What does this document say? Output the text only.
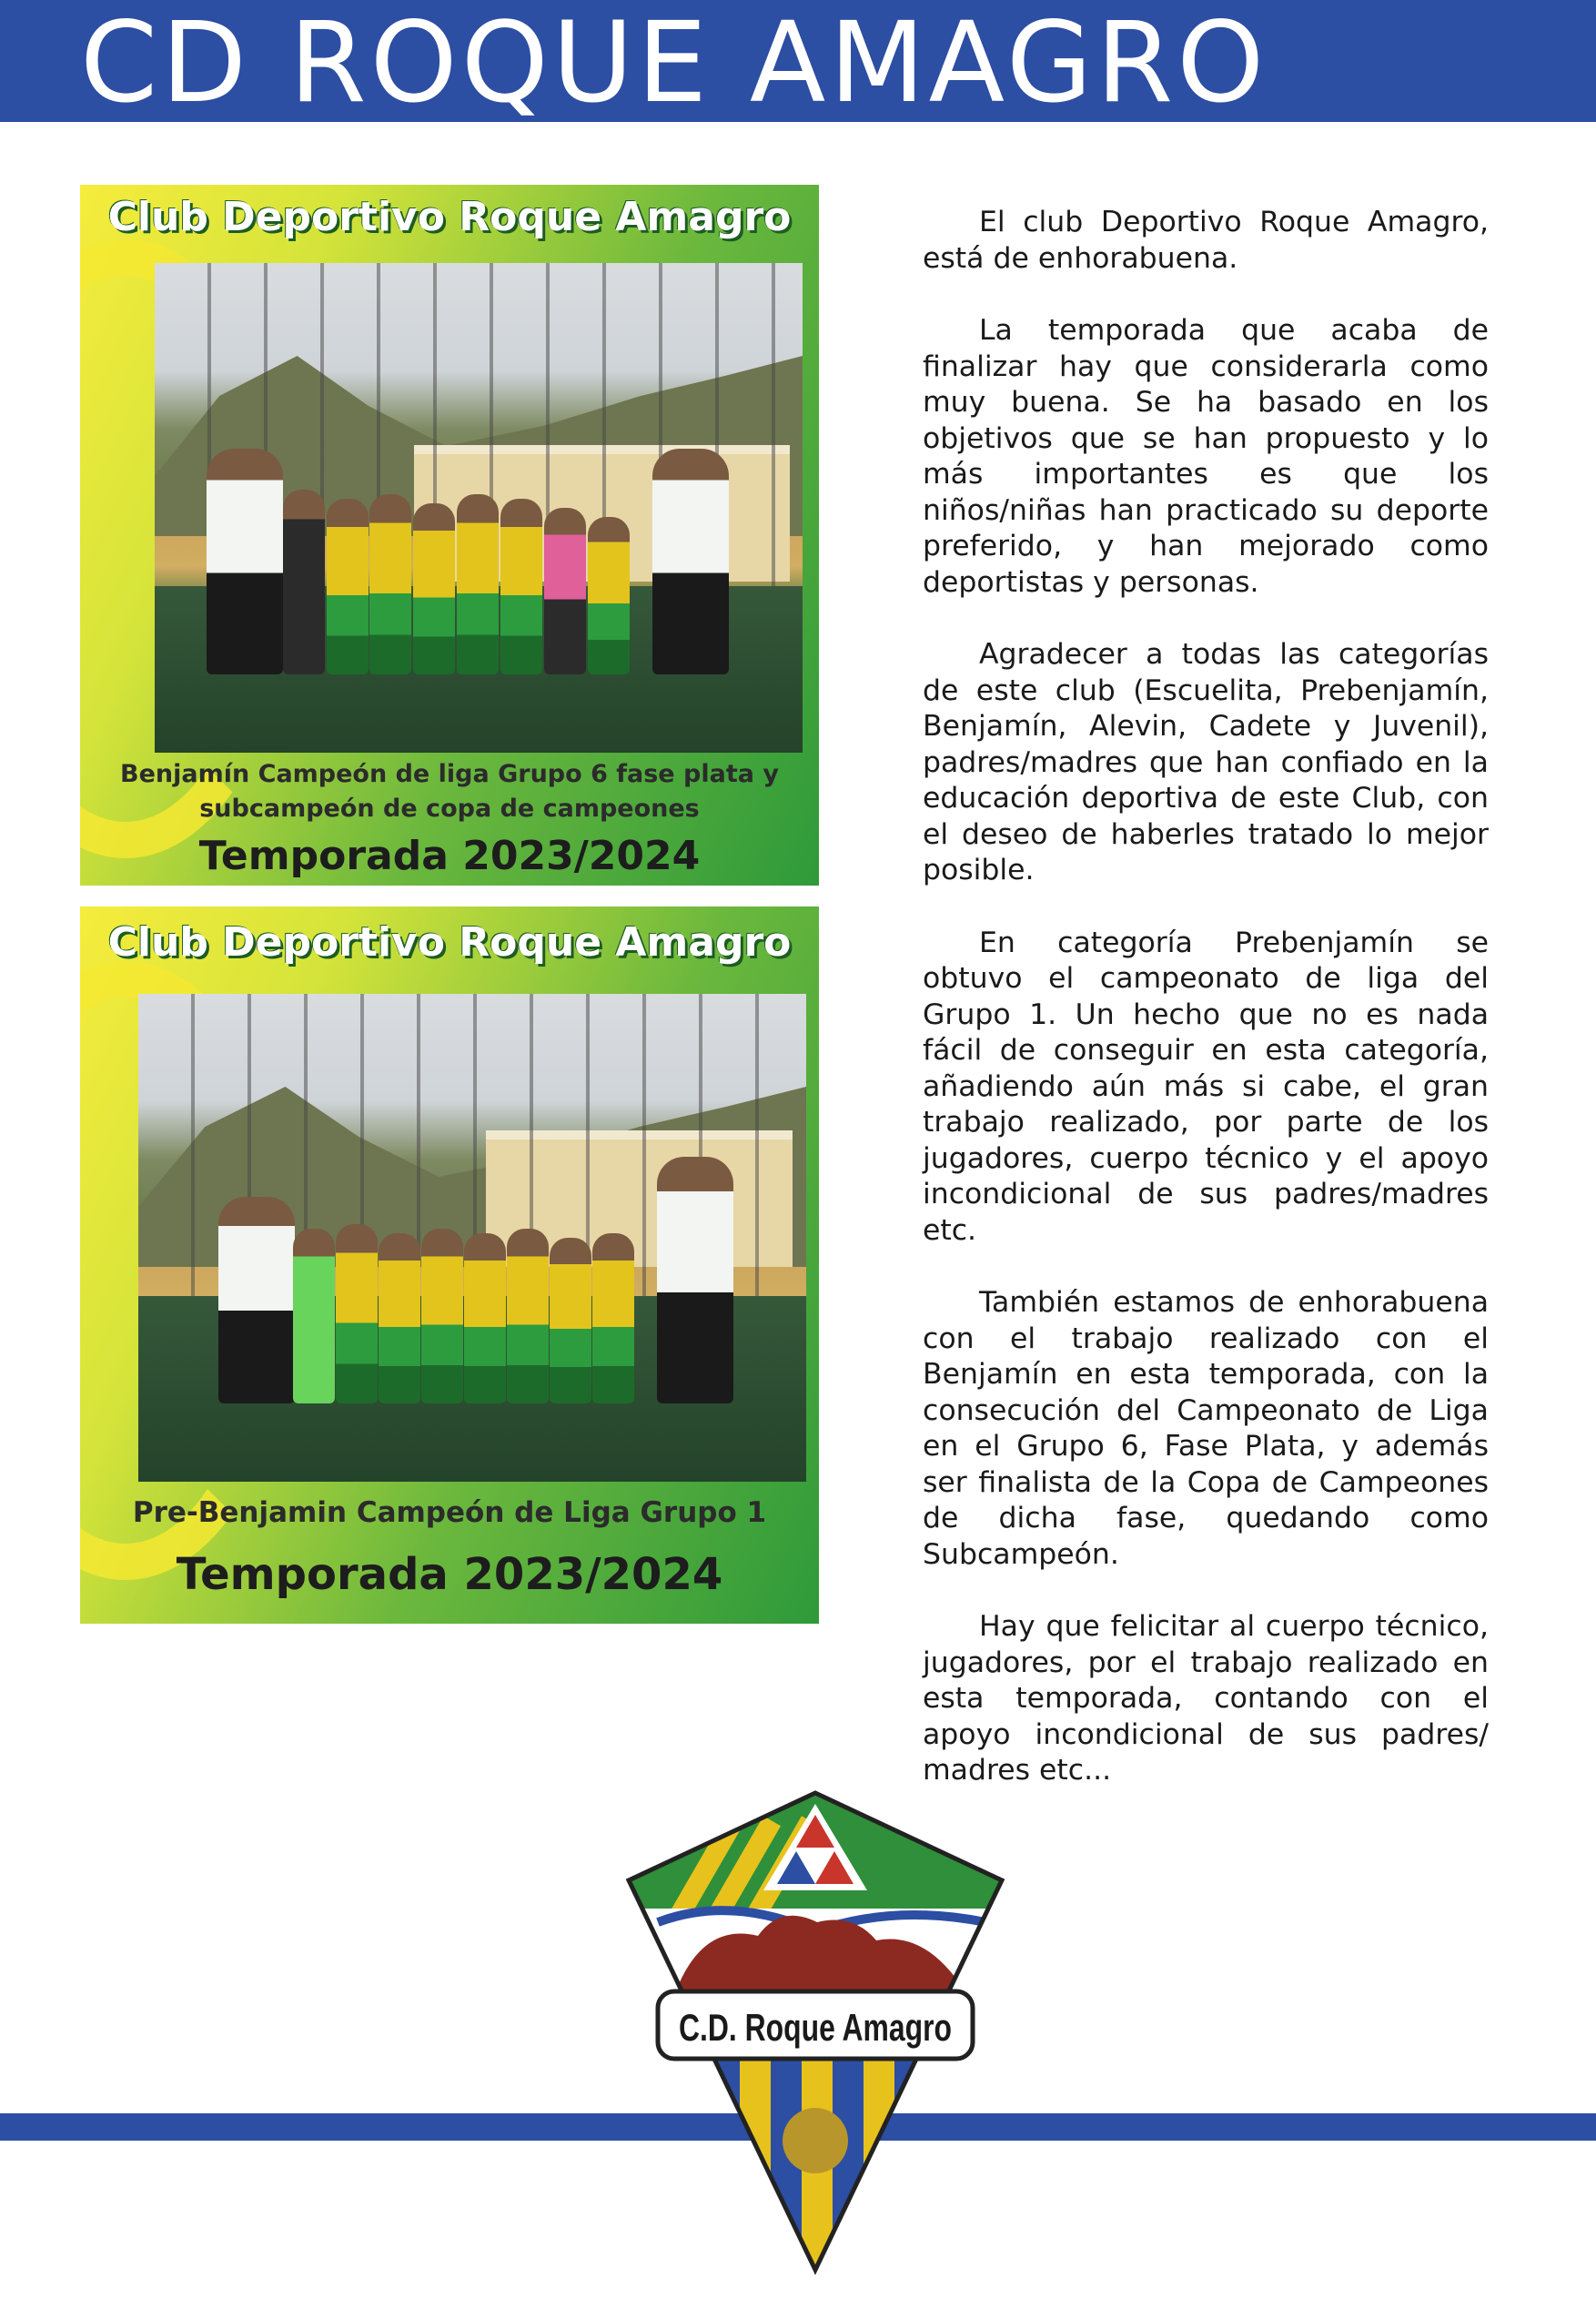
CD ROQUE AMAGRO
Club Deportivo Roque Amagro
Benjamín Campeón de liga Grupo 6 fase plata y
subcampeón de copa de campeones
Temporada 2023/2024
Club Deportivo Roque Amagro
Pre-Benjamin Campeón de Liga Grupo 1
Temporada 2023/2024

El club Deportivo Roque Amagro, está de enhorabuena.

La temporada que acaba de finalizar hay que considerarla como muy buena. Se ha basado en los objetivos que se han propuesto y lo más importantes es que los niños/niñas han practicado su deporte preferido, y han mejorado como deportistas y personas.

Agradecer a todas las categorías de este club (Escuelita, Prebenjamín, Benjamín, Alevin, Cadete y Juvenil), padres/madres que han confiado en la educación deportiva de este Club, con el deseo de haberles tratado lo mejor posible.

En categoría Prebenjamín se obtuvo el campeonato de liga del Grupo 1. Un hecho que no es nada fácil de conseguir en esta categoría, añadiendo aún más si cabe, el gran trabajo realizado, por parte de los jugadores, cuerpo técnico y el apoyo incondicional de sus padres/madres etc.

También estamos de enhorabuena con el trabajo realizado con el Benjamín en esta temporada, con la consecución del Campeonato de Liga en el Grupo 6, Fase Plata, y además ser finalista de la Copa de Campeones de dicha fase, quedando como Subcampeón.

Hay que felicitar al cuerpo técnico, jugadores, por el trabajo realizado en esta temporada, contando con el apoyo incondicional de sus padres/ madres etc...

C.D. Roque Amagro
